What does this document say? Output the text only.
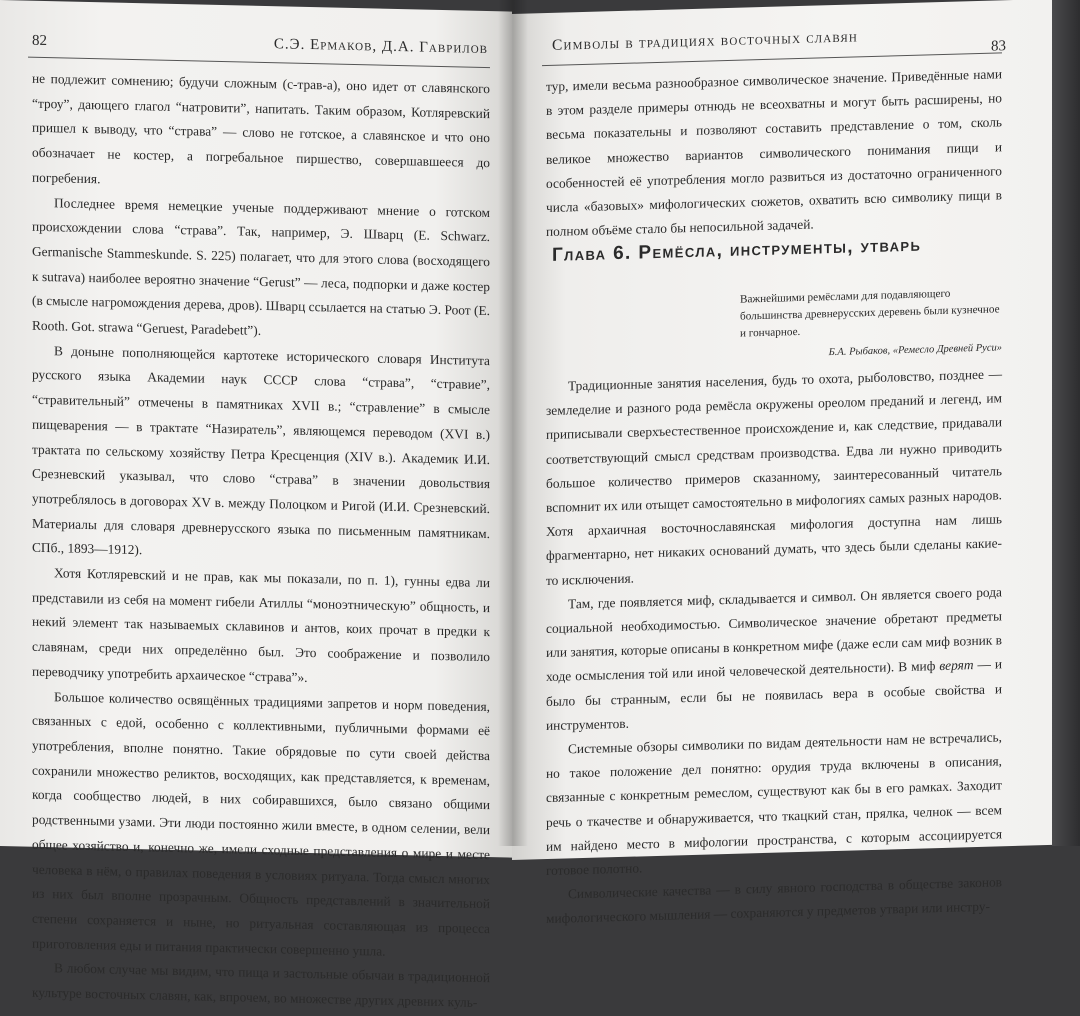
82	С.Э. Ермаков, Д.А. Гаврилов

не подлежит сомнению; будучи сложным (с-трав-а), оно идет от славянского “троу”, дающего глагол “натровити”, напитать. Таким образом, Котляревский пришел к выводу, что “страва” — слово не готское, а славянское и что оно обозначает не костер, а погребальное пиршество, совершавшееся до погребения.

Последнее время немецкие ученые поддерживают мнение о готском происхождении слова “страва”. Так, например, Э. Шварц (E. Schwarz. Germanische Stammeskunde. S. 225) полагает, что для этого слова (восходящего к sutrava) наиболее вероятно значение “Gerust” — леса, подпорки и даже костер (в смысле нагромождения дерева, дров). Шварц ссылается на статью Э. Роот (E. Rooth. Got. strawa “Geruest, Paradebett”).

В доныне пополняющейся картотеке исторического словаря Института русского языка Академии наук СССР слова “страва”, “стравие”, “стравительный” отмечены в памятниках XVII в.; “стравление” в смысле пищеварения — в трактате “Назиратель”, являющемся переводом (XVI в.) трактата по сельскому хозяйству Петра Кресценция (XIV в.). Академик И.И. Срезневский указывал, что слово “страва” в значении довольствия употреблялось в договорах XV в. между Полоцком и Ригой (И.И. Срезневский. Материалы для словаря древнерусского языка по письменным памятникам. СПб., 1893—1912).

Хотя Котляревский и не прав, как мы показали, по п. 1), гунны едва ли представили из себя на момент гибели Атиллы “моноэтническую” общность, и некий элемент так называемых склавинов и антов, коих прочат в предки к славянам, среди них определённо был. Это соображение и позволило переводчику употребить архаическое “страва”».

Большое количество освящённых традициями запретов и норм поведения, связанных с едой, особенно с коллективными, публичными формами её употребления, вполне понятно. Такие обрядовые по сути своей действа сохранили множество реликтов, восходящих, как представляется, к временам, когда сообщество людей, в них собиравшихся, было связано общими родственными узами. Эти люди постоянно жили вместе, в одном селении, вели общее хозяйство и, конечно же, имели сходные представления о мире и месте человека в нём, о правилах поведения в условиях ритуала. Тогда смысл многих из них был вполне прозрачным. Общность представлений в значительной степени сохраняется и ныне, но ритуальная составляющая из процесса приготовления еды и питания практически совершенно ушла.

В любом случае мы видим, что пища и застольные обычаи в традиционной культуре восточных славян, как, впрочем, во множестве других древних куль-

Символы в традициях восточных славян	83

тур, имели весьма разнообразное символическое значение. Приведённые нами в этом разделе примеры отнюдь не всеохватны и могут быть расширены, но весьма показательны и позволяют составить представление о том, сколь великое множество вариантов символического понимания пищи и особенностей её употребления могло развиться из достаточно ограниченного числа «базовых» мифологических сюжетов, охватить всю символику пищи в полном объёме стало бы непосильной задачей.

Глава 6. Ремёсла, инструменты, утварь
Важнейшими ремёслами для подавляющего большинства древнерусских деревень были кузнечное и гончарное.
Б.А. Рыбаков, «Ремесло Древней Руси»

Традиционные занятия населения, будь то охота, рыболовство, позднее — земледелие и разного рода ремёсла окружены ореолом преданий и легенд, им приписывали сверхъестественное происхождение и, как следствие, придавали соответствующий смысл средствам производства. Едва ли нужно приводить большое количество примеров сказанному, заинтересованный читатель вспомнит их или отыщет самостоятельно в мифологиях самых разных народов. Хотя архаичная восточнославянская мифология доступна нам лишь фрагментарно, нет никаких оснований думать, что здесь были сделаны какие-то исключения.

Там, где появляется миф, складывается и символ. Он является своего рода социальной необходимостью. Символическое значение обретают предметы или занятия, которые описаны в конкретном мифе (даже если сам миф возник в ходе осмысления той или иной человеческой деятельности). В миф верят — и было бы странным, если бы не появилась вера в особые свойства и инструментов.

Системные обзоры символики по видам деятельности нам не встречались, но такое положение дел понятно: орудия труда включены в описания, связанные с конкретным ремеслом, существуют как бы в его рамках. Заходит речь о ткачестве и обнаруживается, что ткацкий стан, прялка, челнок — всем им найдено место в мифологии пространства, с которым ассоциируется готовое полотно.

Символические качества — в силу явного господства в обществе законов мифологического мышления — сохраняются у предметов утвари или инстру-
